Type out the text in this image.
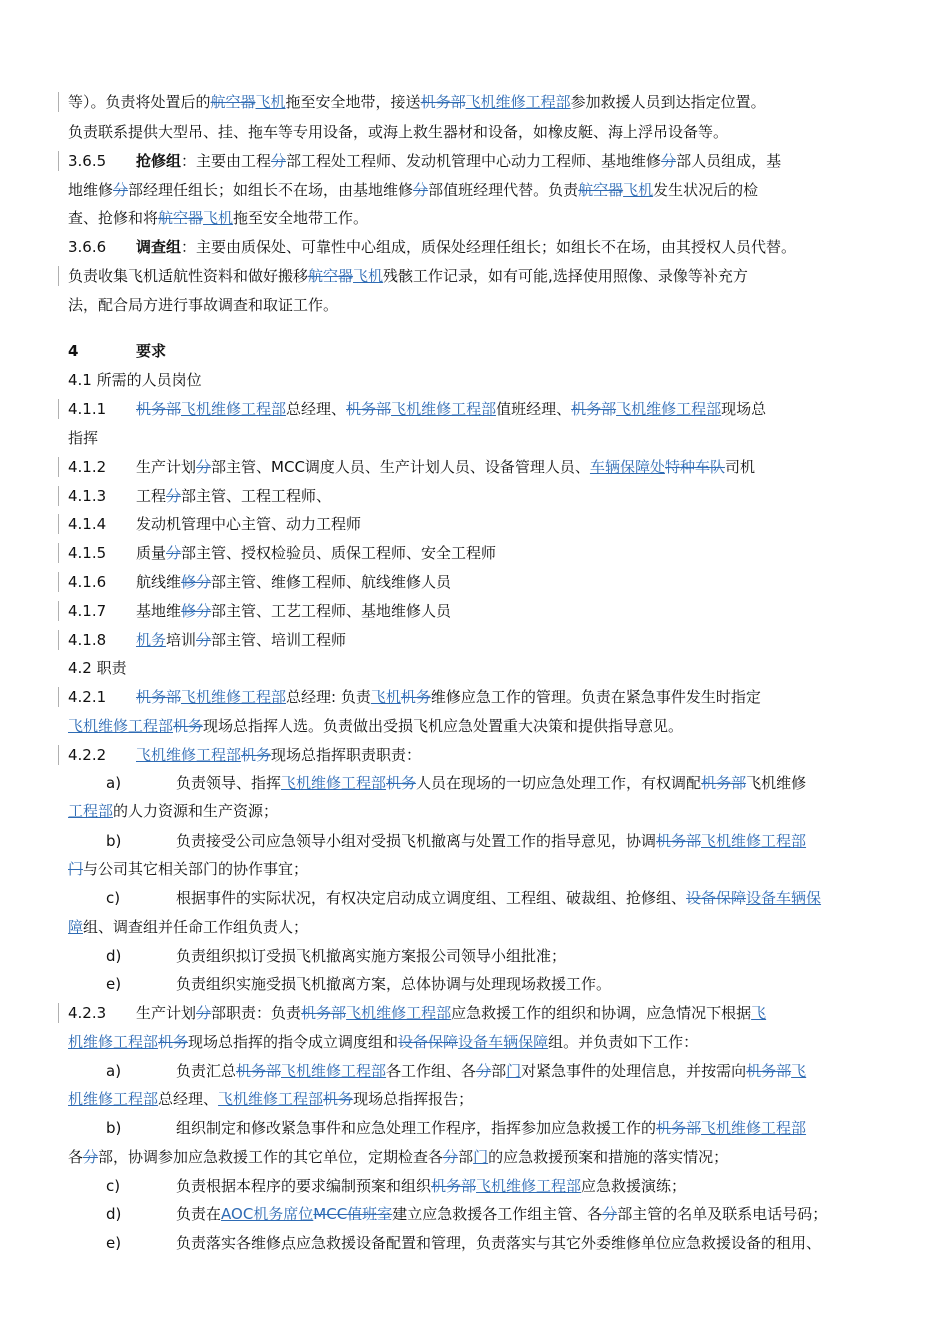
等）。负责将处置后的航空器飞机拖至安全地带，接送机务部飞机维修工程部参加救援人员到达指定位置。
负责联系提供大型吊、挂、拖车等专用设备，或海上救生器材和设备，如橡皮艇、海上浮吊设备等。
3.6.5 抢修组：主要由工程分部工程处工程师、发动机管理中心动力工程师、基地维修分部人员组成，基
地维修分部经理任组长；如组长不在场，由基地维修分部值班经理代替。负责航空器飞机发生状况后的检
查、抢修和将航空器飞机拖至安全地带工作。
3.6.6 调查组：主要由质保处、可靠性中心组成，质保处经理任组长；如组长不在场，由其授权人员代替。
负责收集飞机适航性资料和做好搬移航空器飞机残骸工作记录，如有可能,选择使用照像、录像等补充方
法，配合局方进行事故调查和取证工作。
4	要求
4.1 所需的人员岗位
4.1.1 机务部飞机维修工程部总经理、机务部飞机维修工程部值班经理、机务部飞机维修工程部现场总
指挥
4.1.2 生产计划分部主管、MCC调度人员、生产计划人员、设备管理人员、车辆保障处特种车队司机
4.1.3 工程分部主管、工程工程师、
4.1.4 发动机管理中心主管、动力工程师
4.1.5 质量分部主管、授权检验员、质保工程师、安全工程师
4.1.6 航线维修分部主管、维修工程师、航线维修人员
4.1.7 基地维修分部主管、工艺工程师、基地维修人员
4.1.8 机务培训分部主管、培训工程师
4.2 职责
4.2.1 机务部飞机维修工程部总经理: 负责飞机机务维修应急工作的管理。负责在紧急事件发生时指定
飞机维修工程部机务现场总指挥人选。负责做出受损飞机应急处置重大决策和提供指导意见。
4.2.2 飞机维修工程部机务现场总指挥职责职责：
a)	负责领导、指挥飞机维修工程部机务人员在现场的一切应急处理工作，有权调配机务部飞机维修
工程部的人力资源和生产资源；
b)	负责接受公司应急领导小组对受损飞机撤离与处置工作的指导意见，协调机务部飞机维修工程部
门与公司其它相关部门的协作事宜；
c)	根据事件的实际状况，有权决定启动成立调度组、工程组、破裁组、抢修组、设备保障设备车辆保
障组、调查组并任命工作组负责人；
d)	负责组织拟订受损飞机撤离实施方案报公司领导小组批准；
e)	负责组织实施受损飞机撤离方案，总体协调与处理现场救援工作。
4.2.3 生产计划分部职责：负责机务部飞机维修工程部应急救援工作的组织和协调，应急情况下根据飞
机维修工程部机务现场总指挥的指令成立调度组和设备保障设备车辆保障组。并负责如下工作：
a)	负责汇总机务部飞机维修工程部各工作组、各分部门对紧急事件的处理信息，并按需向机务部飞
机维修工程部总经理、飞机维修工程部机务现场总指挥报告；
b)	组织制定和修改紧急事件和应急处理工作程序，指挥参加应急救援工作的机务部飞机维修工程部
各分部，协调参加应急救援工作的其它单位，定期检查各分部门的应急救援预案和措施的落实情况；
c)	负责根据本程序的要求编制预案和组织机务部飞机维修工程部应急救援演练；
d)	负责在AOC机务席位MCC值班室建立应急救援各工作组主管、各分部主管的名单及联系电话号码；
e)	负责落实各维修点应急救援设备配置和管理，负责落实与其它外委维修单位应急救援设备的租用、
